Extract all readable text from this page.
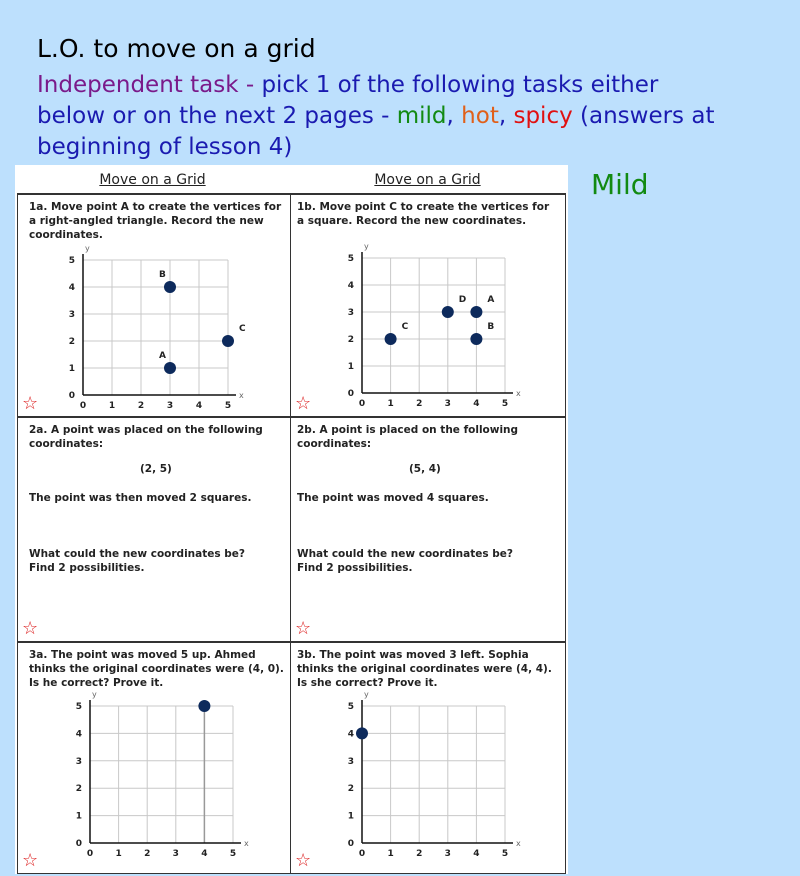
L.O. to move on a grid
Independent task - pick 1 of the following tasks either
below or on the next 2 pages - mild, hot, spicy (answers at
beginning of lesson 4)
Mild
Move on a Grid	Move on a Grid
1a. Move point A to create the vertices for a right-angled triangle. Record the new coordinates.
☆
1b. Move point C to create the vertices for a square. Record the new coordinates.
☆
2a. A point was placed on the following coordinates:
(2, 5)
The point was then moved 2 squares.
What could the new coordinates be?
Find 2 possibilities.
☆
2b. A point is placed on the following coordinates:
(5, 4)
The point was moved 4 squares.
What could the new coordinates be?
Find 2 possibilities.
☆
3a. The point was moved 5 up. Ahmed thinks the original coordinates were (4, 0). Is he correct? Prove it.
☆
3b. The point was moved 3 left. Sophia thinks the original coordinates were (4, 4). Is she correct? Prove it.
☆
0	1	2	3	4	5
0
1
2
3
4
5
x
y
A
B
C
0 1 2 3 4 5
0
1
2
3
4
5
x
y
A
B
C
D
0 1 2 3 4 5
0
1
2
3
4
5
x
y
0 1 2 3 4 5
0
1
2
3
4
5
x
y
